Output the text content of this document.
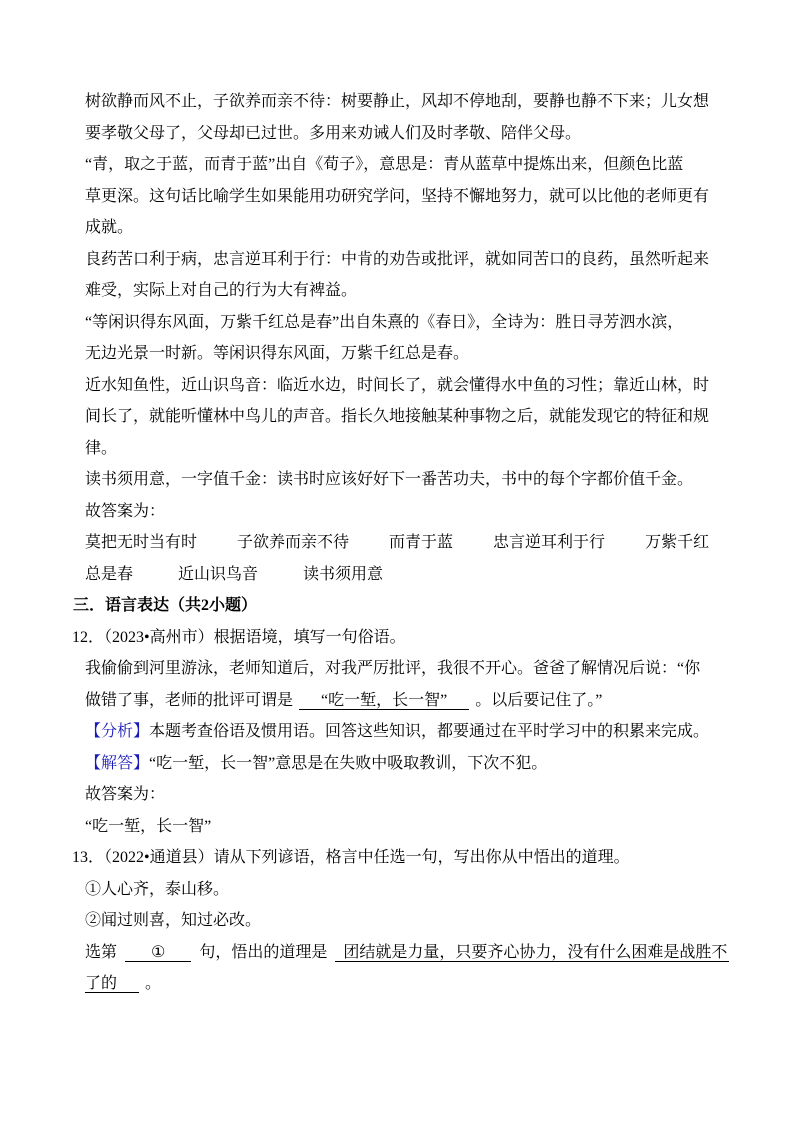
树欲静而风不止，子欲养而亲不待：树要静止，风却不停地刮，要静也静不下来；儿女想
要孝敬父母了，父母却已过世。多用来劝诫人们及时孝敬、陪伴父母。
“青，取之于蓝，而青于蓝”出自《荀子》，意思是：青从蓝草中提炼出来，但颜色比蓝
草更深。这句话比喻学生如果能用功研究学问，坚持不懈地努力，就可以比他的老师更有
成就。
良药苦口利于病，忠言逆耳利于行：中肯的劝告或批评，就如同苦口的良药，虽然听起来
难受，实际上对自己的行为大有裨益。
“等闲识得东风面，万紫千红总是春”出自朱熹的《春日》，全诗为：胜日寻芳泗水滨，
无边光景一时新。等闲识得东风面，万紫千红总是春。
近水知鱼性，近山识鸟音：临近水边，时间长了，就会懂得水中鱼的习性；靠近山林，时
间长了，就能听懂林中鸟儿的声音。指长久地接触某种事物之后，就能发现它的特征和规
律。
读书须用意，一字值千金：读书时应该好好下一番苦功夫，书中的每个字都价值千金。
故答案为：
莫把无时当有时	子欲养而亲不待	而青于蓝	忠言逆耳利于行	万紫千红
总是春	近山识鸟音	读书须用意
三．语言表达（共2小题）
12．（2023•高州市）根据语境，填写一句俗语。
我偷偷到河里游泳，老师知道后，对我严厉批评，我很不开心。爸爸了解情况后说：“你
做错了事，老师的批评可谓是 “吃一堑，长一智” 。以后要记住了。”
【分析】本题考查俗语及惯用语。回答这些知识，都要通过在平时学习中的积累来完成。
【解答】“吃一堑，长一智”意思是在失败中吸取教训，下次不犯。
故答案为：
“吃一堑，长一智”
13．（2022•通道县）请从下列谚语，格言中任选一句，写出你从中悟出的道理。
①人心齐，泰山移。
②闻过则喜，知过必改。
选第 ① 句，悟出的道理是 团结就是力量，只要齐心协力，没有什么困难是战胜不
了的 。
